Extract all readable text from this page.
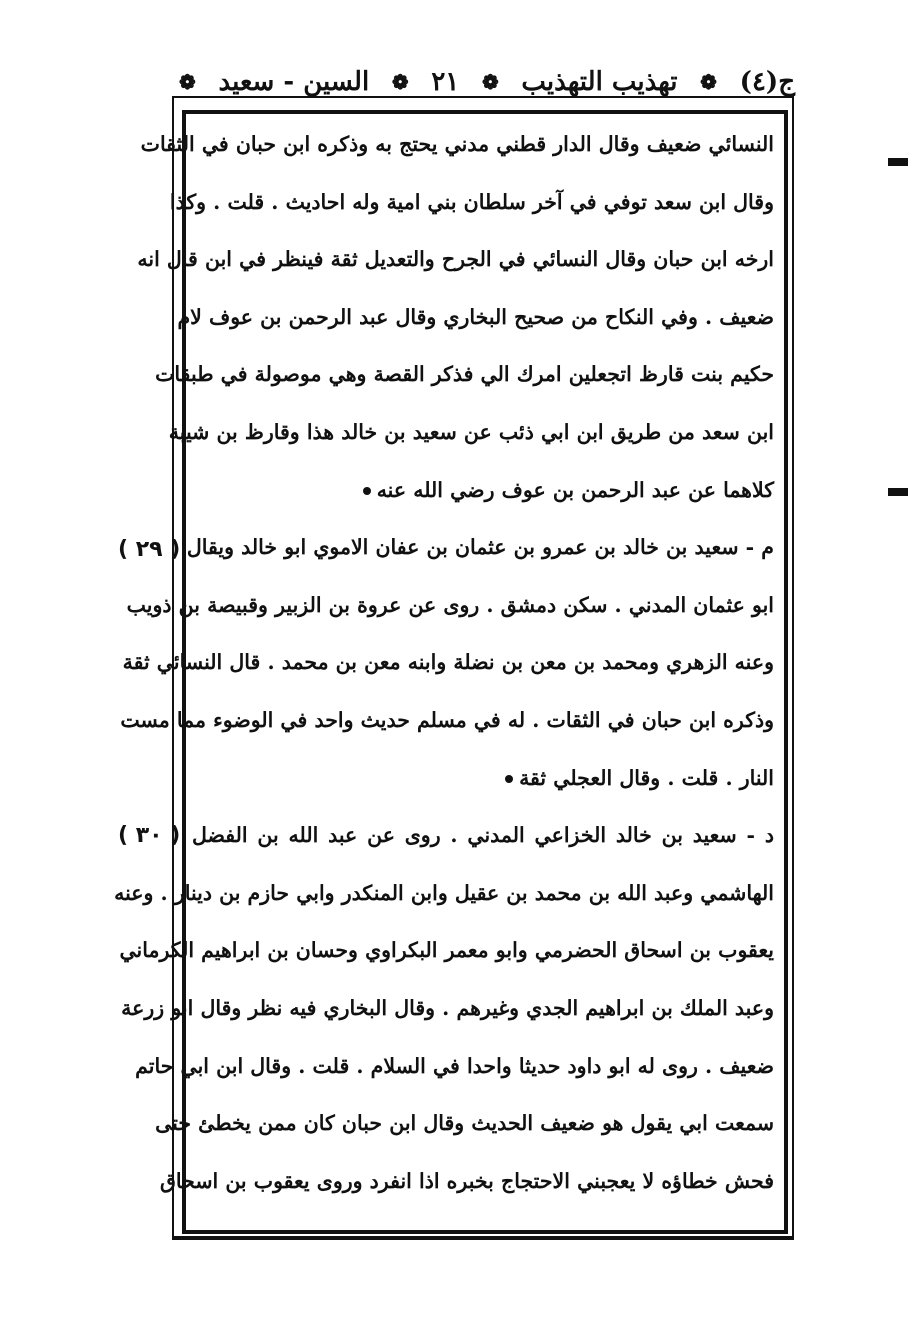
ج(٤)
❁
تهذيب التهذيب
❁
٢١
❁
السين - سعيد
❁
النسائي ضعيف وقال الدار قطني مدني يحتج به وذكره ابن حبان في الثقات
وقال ابن سعد توفي في آخر سلطان بني امية وله احاديث . قلت . وكذا
ارخه ابن حبان وقال النسائي في الجرح والتعديل ثقة فينظر في ابن قال انه
ضعيف . وفي النكاح من صحيح البخاري وقال عبد الرحمن بن عوف لام
حكيم بنت قارظ اتجعلين امرك الي فذكر القصة وهي موصولة في طبقات
ابن سعد من طريق ابن ابي ذئب عن سعيد بن خالد هذا وقارظ بن شيبة
كلاهما عن عبد الرحمن بن عوف رضي الله عنه
م - سعيد بن خالد بن عمرو بن عثمان بن عفان الاموي ابو خالد ويقال
ابو عثمان المدني . سكن دمشق . روى عن عروة بن الزبير وقبيصة بن ذويب
وعنه الزهري ومحمد بن معن بن نضلة وابنه معن بن محمد . قال النسائي ثقة
وذكره ابن حبان في الثقات . له في مسلم حديث واحد في الوضوء مما مست
النار . قلت . وقال العجلي ثقة
د - سعيد بن خالد الخزاعي المدني . روى عن عبد الله بن الفضل
الهاشمي وعبد الله بن محمد بن عقيل وابن المنكدر وابي حازم بن دينار . وعنه
يعقوب بن اسحاق الحضرمي وابو معمر البكراوي وحسان بن ابراهيم الكرماني
وعبد الملك بن ابراهيم الجدي وغيرهم . وقال البخاري فيه نظر وقال ابو زرعة
ضعيف . روى له ابو داود حديثا واحدا في السلام . قلت . وقال ابن ابي حاتم
سمعت ابي يقول هو ضعيف الحديث وقال ابن حبان كان ممن يخطئ حتى
فحش خطاؤه لا يعجبني الاحتجاج بخبره اذا انفرد وروى يعقوب بن اسحاق
( ٢٩ )
( ٣٠ )
